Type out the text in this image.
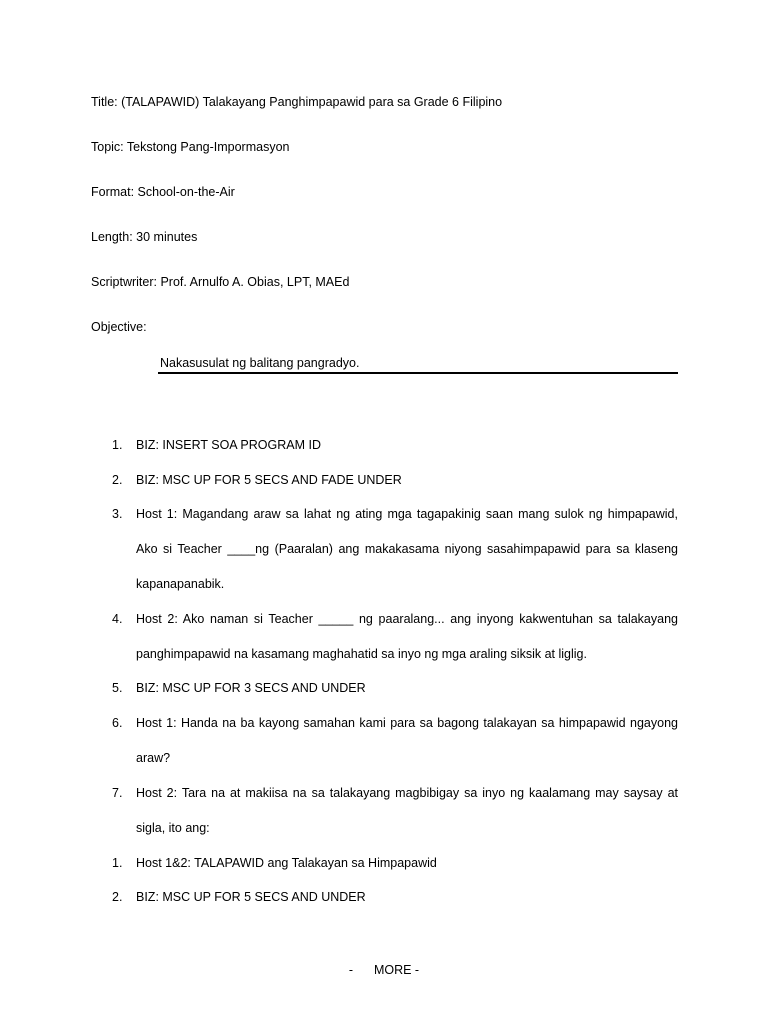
Title: (TALAPAWID) Talakayang Panghimpapawid para sa Grade 6 Filipino
Topic: Tekstong Pang-Impormasyon
Format: School-on-the-Air
Length: 30 minutes
Scriptwriter: Prof. Arnulfo A. Obias, LPT, MAEd
Objective:
Nakasusulat ng balitang pangradyo.
1.	BIZ: INSERT SOA PROGRAM ID
2.	BIZ: MSC UP FOR 5 SECS AND FADE UNDER
3.	Host 1: Magandang araw sa lahat ng ating mga tagapakinig saan mang sulok ng himpapawid, Ako si Teacher ____ng (Paaralan) ang makakasama niyong sasahimpapawid para sa klaseng kapanapanabik.
4.	Host 2: Ako naman si Teacher _____ ng paaralang... ang inyong kakwentuhan sa talakayang panghimpapawid na kasamang maghahatid sa inyo ng mga araling siksik at liglig.
5.	BIZ: MSC UP FOR 3 SECS AND UNDER
6.	Host 1: Handa na ba kayong samahan kami para sa bagong talakayan sa himpapawid ngayong araw?
7.	Host 2: Tara na at makiisa na sa talakayang magbibigay sa inyo ng kaalamang may saysay at sigla, ito ang:
1.	Host 1&2: TALAPAWID ang Talakayan sa Himpapawid
2.	BIZ: MSC UP FOR 5 SECS AND UNDER
- MORE -
